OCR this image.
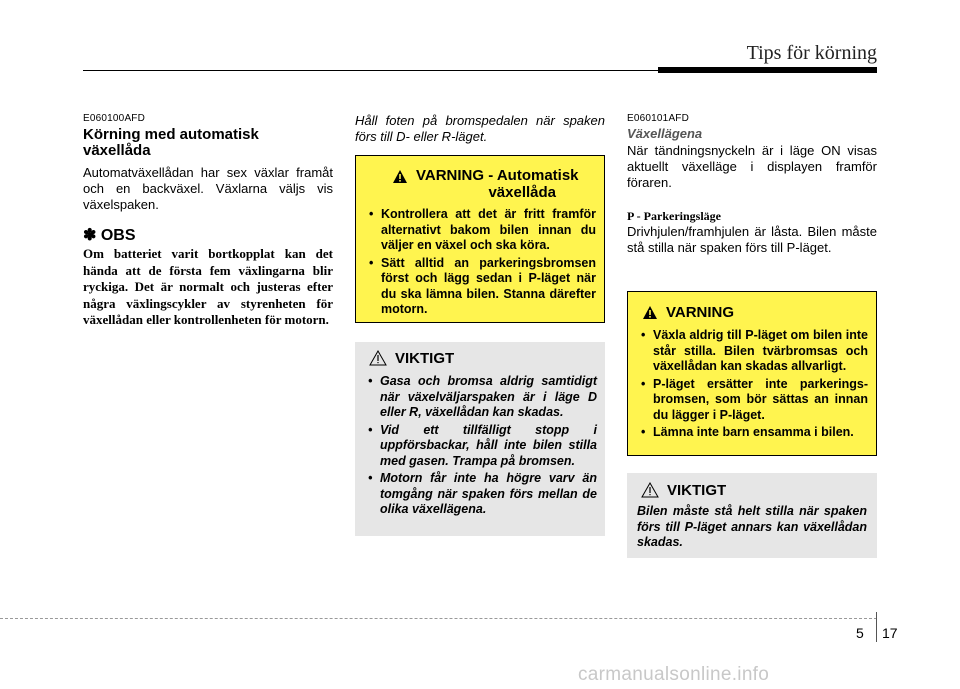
Tips för körning
E060100AFD
Körning med automatisk växellåda
Automatväxellådan har sex växlar framåt och en backväxel. Växlarna väljs vis växelspaken.
✽ OBS
Om batteriet varit bortkopplat kan det hända att de första fem växlingarna blir ryckiga. Det är normalt och justeras efter några växlingscykler av styrenheten för växellådan eller kontrollenheten för motorn.
Håll foten på bromspedalen när spaken förs till D- eller R-läget.
VARNING - Automatisk
växellåda
• Kontrollera att det är fritt framför alternativt bakom bilen innan du väljer en växel och ska köra.
• Sätt alltid an parkeringsbromsen först och lägg sedan i P-läget när du ska lämna bilen. Stanna därefter motorn.
VIKTIGT
• Gasa och bromsa aldrig samtidigt när växelväljarspaken är i läge D eller R, växellådan kan skadas.
• Vid ett tillfälligt stopp i uppförsbackar, håll inte bilen stilla med gasen. Trampa på bromsen.
• Motorn får inte ha högre varv än tomgång när spaken förs mellan de olika växellägena.
E060101AFD
Växellägena
När tändningsnyckeln är i läge ON visas aktuellt växelläge i displayen framför föraren.
P - Parkeringsläge
Drivhjulen/framhjulen är låsta. Bilen måste stå stilla när spaken förs till P-läget.
VARNING
• Växla aldrig till P-läget om bilen inte står stilla. Bilen tvärbromsas och växellådan kan skadas allvarligt.
• P-läget ersätter inte parkerings-bromsen, som bör sättas an innan du lägger i P-läget.
• Lämna inte barn ensamma i bilen.
VIKTIGT
Bilen måste stå helt stilla när spaken förs till P-läget annars kan växellådan skadas.
5 17
carmanualsonline.info
